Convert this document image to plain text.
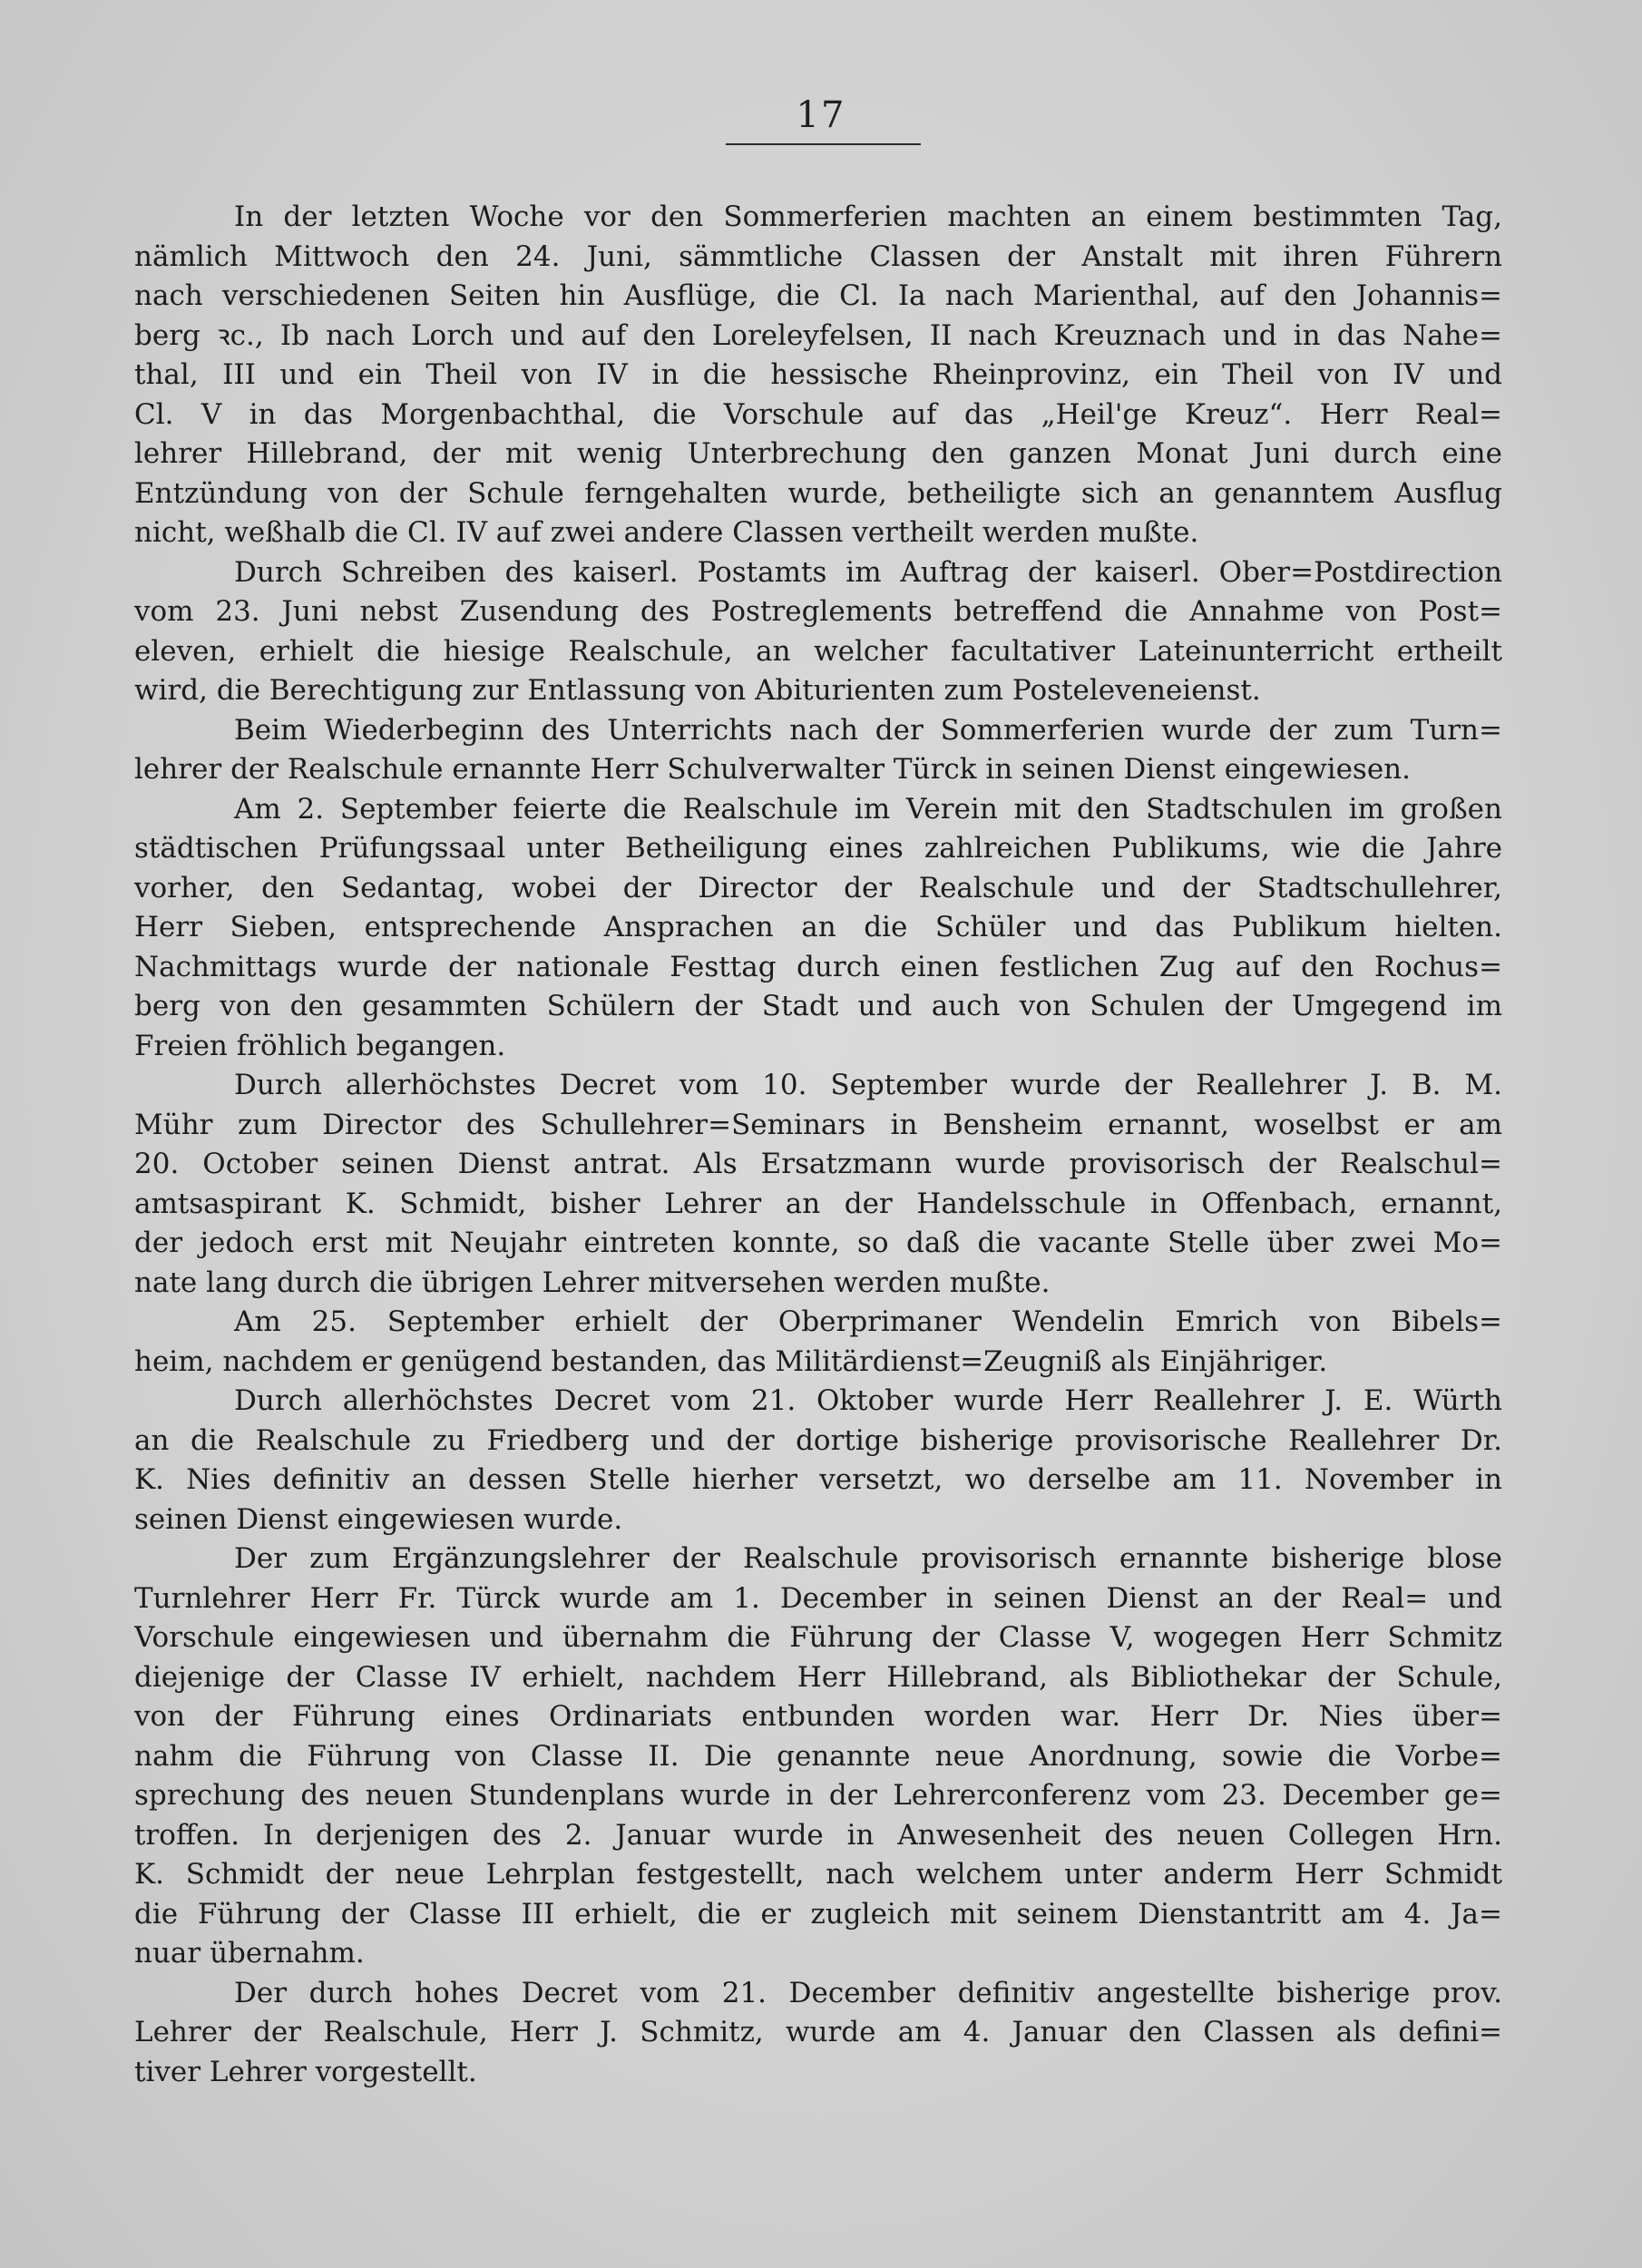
17
In der letzten Woche vor den Sommerferien machten an einem bestimmten Tag,
nämlich Mittwoch den 24. Juni, sämmtliche Classen der Anstalt mit ihren Führern
nach verschiedenen Seiten hin Ausflüge, die Cl. Ia nach Marienthal, auf den Johannis=
berg ꝛc., Ib nach Lorch und auf den Loreleyfelsen, II nach Kreuznach und in das Nahe=
thal, III und ein Theil von IV in die hessische Rheinprovinz, ein Theil von IV und
Cl. V in das Morgenbachthal, die Vorschule auf das „Heil'ge Kreuz“. Herr Real=
lehrer Hillebrand, der mit wenig Unterbrechung den ganzen Monat Juni durch eine
Entzündung von der Schule ferngehalten wurde, betheiligte sich an genanntem Ausflug
nicht, weßhalb die Cl. IV auf zwei andere Classen vertheilt werden mußte.
Durch Schreiben des kaiserl. Postamts im Auftrag der kaiserl. Ober=Postdirection
vom 23. Juni nebst Zusendung des Postreglements betreffend die Annahme von Post=
eleven, erhielt die hiesige Realschule, an welcher facultativer Lateinunterricht ertheilt
wird, die Berechtigung zur Entlassung von Abiturienten zum Posteleveneienst.
Beim Wiederbeginn des Unterrichts nach der Sommerferien wurde der zum Turn=
lehrer der Realschule ernannte Herr Schulverwalter Türck in seinen Dienst eingewiesen.
Am 2. September feierte die Realschule im Verein mit den Stadtschulen im großen
städtischen Prüfungssaal unter Betheiligung eines zahlreichen Publikums, wie die Jahre
vorher, den Sedantag, wobei der Director der Realschule und der Stadtschullehrer,
Herr Sieben, entsprechende Ansprachen an die Schüler und das Publikum hielten.
Nachmittags wurde der nationale Festtag durch einen festlichen Zug auf den Rochus=
berg von den gesammten Schülern der Stadt und auch von Schulen der Umgegend im
Freien fröhlich begangen.
Durch allerhöchstes Decret vom 10. September wurde der Reallehrer J. B. M.
Mühr zum Director des Schullehrer=Seminars in Bensheim ernannt, woselbst er am
20. October seinen Dienst antrat. Als Ersatzmann wurde provisorisch der Realschul=
amtsaspirant K. Schmidt, bisher Lehrer an der Handelsschule in Offenbach, ernannt,
der jedoch erst mit Neujahr eintreten konnte, so daß die vacante Stelle über zwei Mo=
nate lang durch die übrigen Lehrer mitversehen werden mußte.
Am 25. September erhielt der Oberprimaner Wendelin Emrich von Bibels=
heim, nachdem er genügend bestanden, das Militärdienst=Zeugniß als Einjähriger.
Durch allerhöchstes Decret vom 21. Oktober wurde Herr Reallehrer J. E. Würth
an die Realschule zu Friedberg und der dortige bisherige provisorische Reallehrer Dr.
K. Nies definitiv an dessen Stelle hierher versetzt, wo derselbe am 11. November in
seinen Dienst eingewiesen wurde.
Der zum Ergänzungslehrer der Realschule provisorisch ernannte bisherige blose
Turnlehrer Herr Fr. Türck wurde am 1. December in seinen Dienst an der Real= und
Vorschule eingewiesen und übernahm die Führung der Classe V, wogegen Herr Schmitz
diejenige der Classe IV erhielt, nachdem Herr Hillebrand, als Bibliothekar der Schule,
von der Führung eines Ordinariats entbunden worden war. Herr Dr. Nies über=
nahm die Führung von Classe II. Die genannte neue Anordnung, sowie die Vorbe=
sprechung des neuen Stundenplans wurde in der Lehrerconferenz vom 23. December ge=
troffen. In derjenigen des 2. Januar wurde in Anwesenheit des neuen Collegen Hrn.
K. Schmidt der neue Lehrplan festgestellt, nach welchem unter anderm Herr Schmidt
die Führung der Classe III erhielt, die er zugleich mit seinem Dienstantritt am 4. Ja=
nuar übernahm.
Der durch hohes Decret vom 21. December definitiv angestellte bisherige prov.
Lehrer der Realschule, Herr J. Schmitz, wurde am 4. Januar den Classen als defini=
tiver Lehrer vorgestellt.
